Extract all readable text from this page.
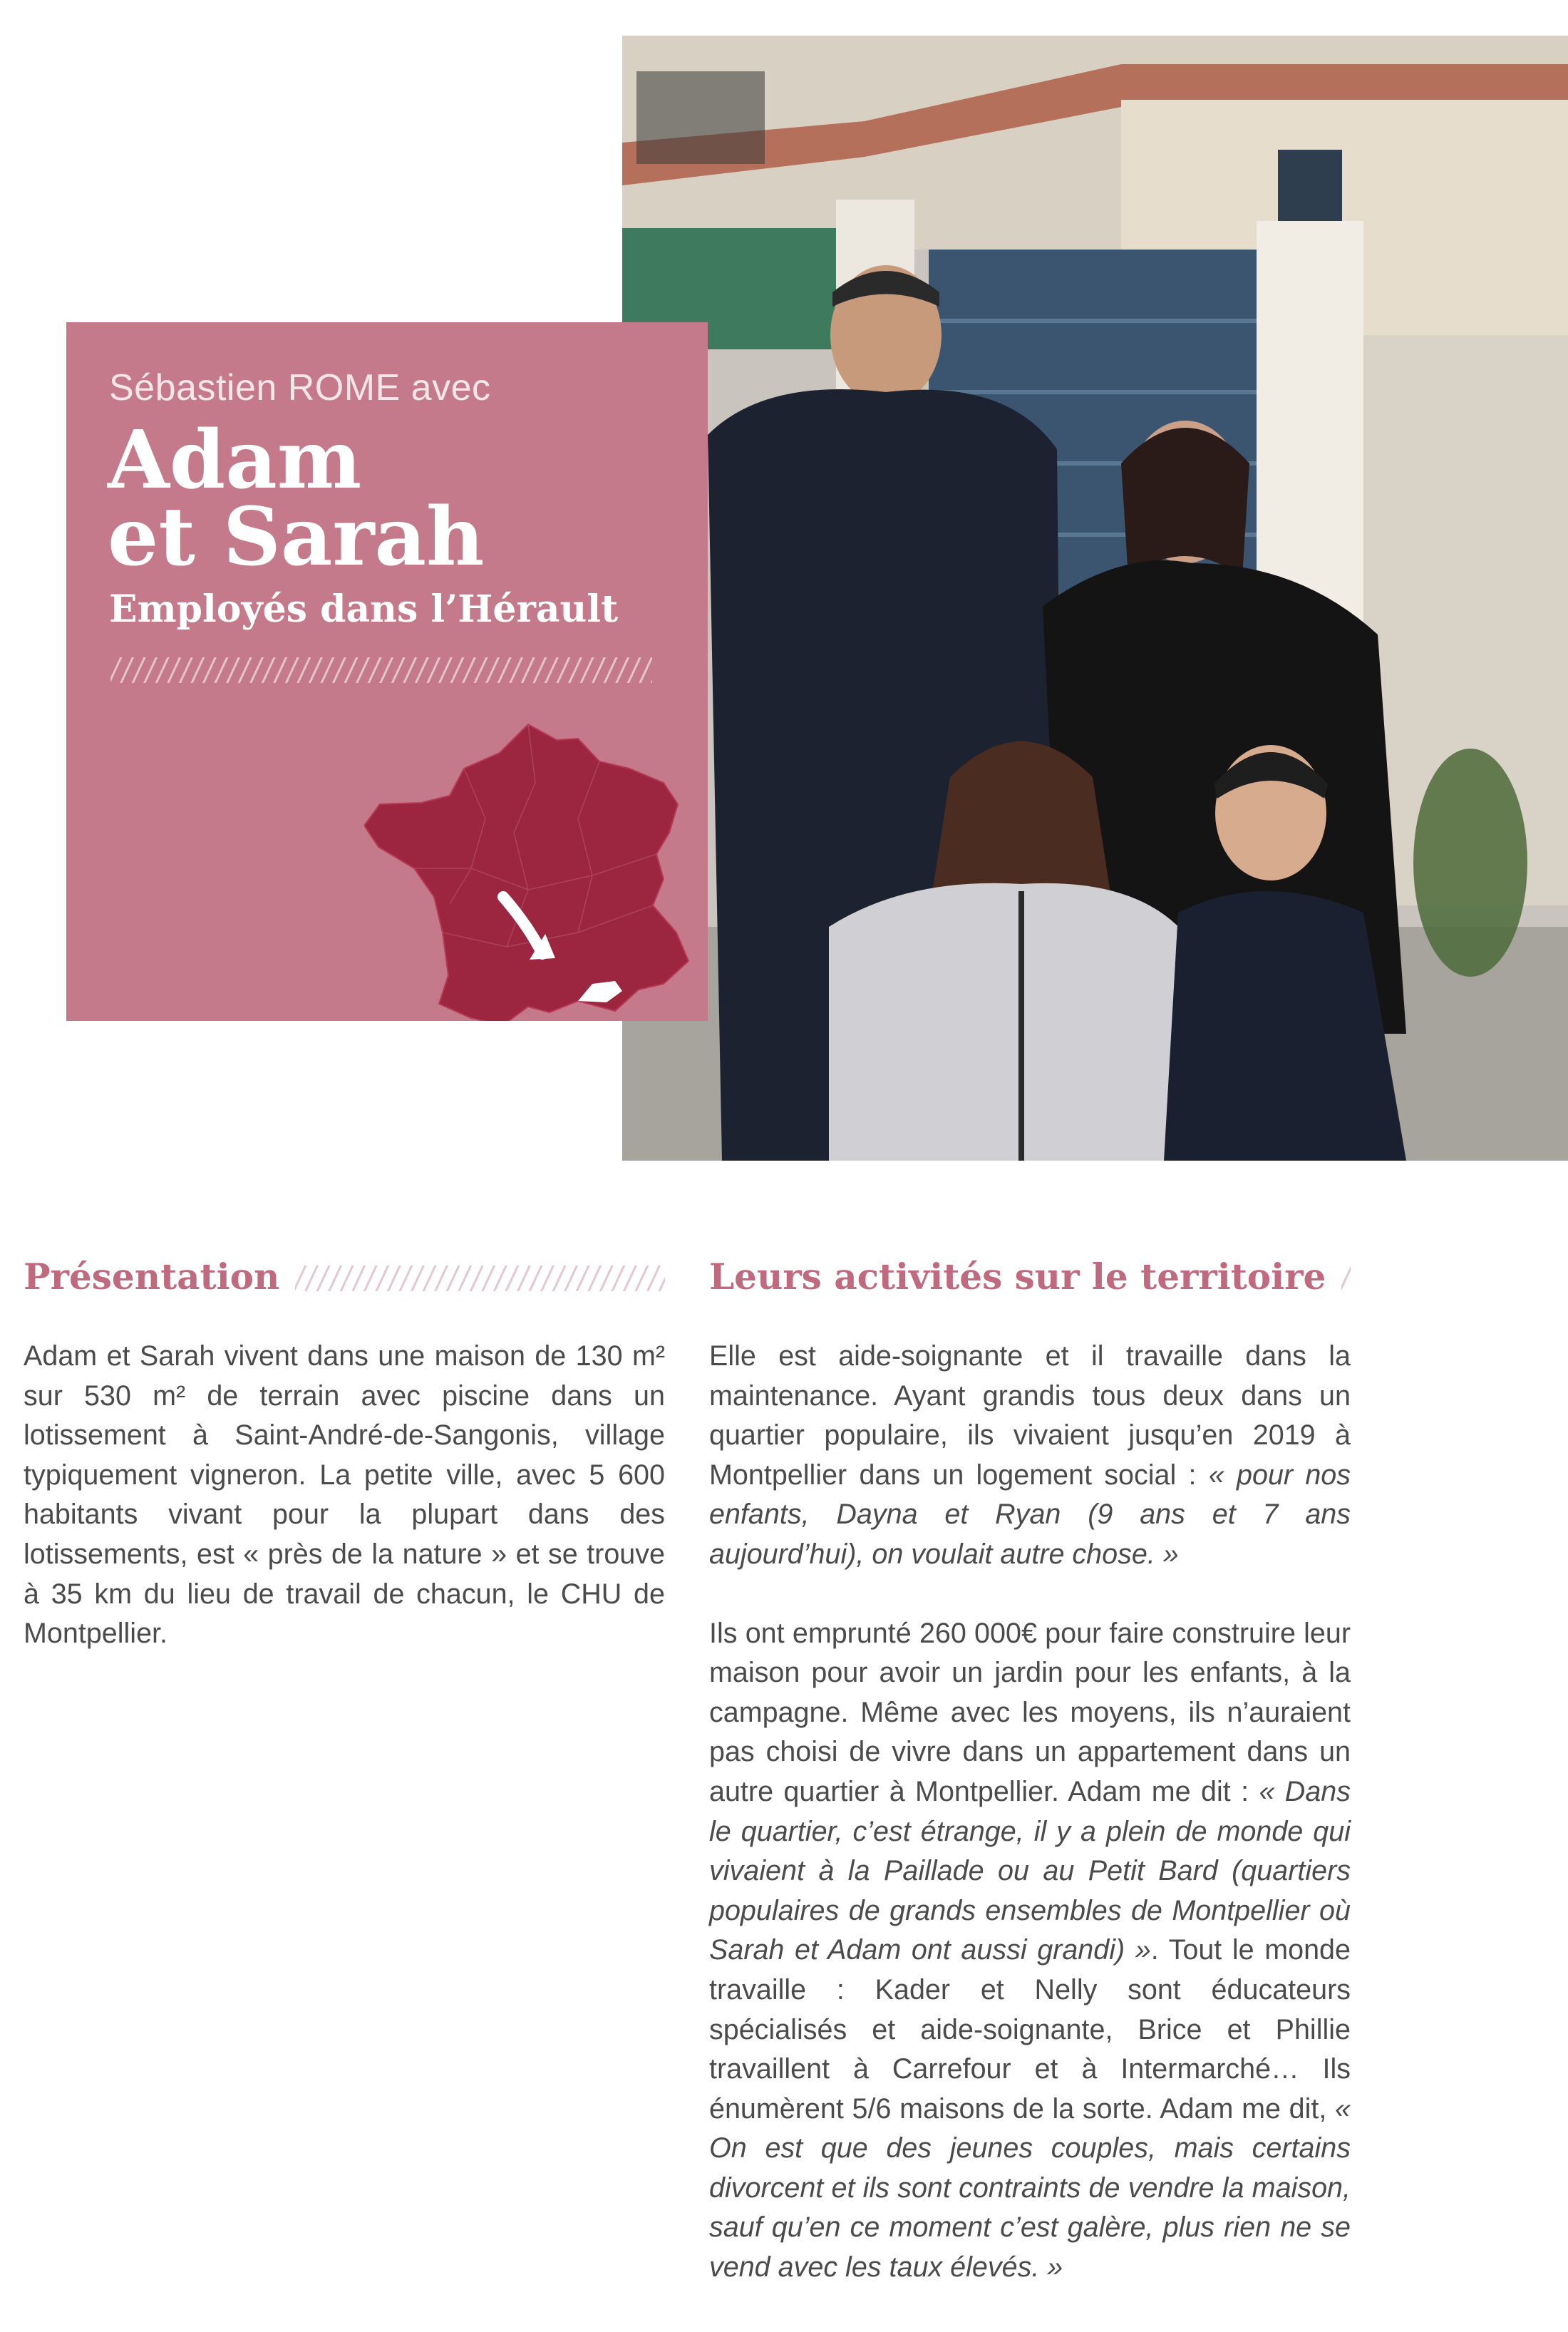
Sébastien ROME avec
Adam
et Sarah
Employés dans l’Hérault
Présentation	Leurs activités sur le territoire

Adam et Sarah vivent dans une maison de 130 m² sur 530 m² de terrain avec piscine dans un lotissement à Saint-André-de-Sangonis, village typiquement vigneron. La petite ville, avec 5 600 habitants vivant pour la plupart dans des lotissements, est « près de la nature » et se trouve à 35 km du lieu de travail de chacun, le CHU de Montpellier.

Elle est aide-soignante et il travaille dans la maintenance. Ayant grandis tous deux dans un quartier populaire, ils vivaient jusqu’en 2019 à Montpellier dans un logement social : « pour nos enfants, Dayna et Ryan (9 ans et 7 ans aujourd’hui), on voulait autre chose. »

Ils ont emprunté 260 000€ pour faire construire leur maison pour avoir un jardin pour les enfants, à la campagne. Même avec les moyens, ils n’auraient pas choisi de vivre dans un appartement dans un autre quartier à Montpellier. Adam me dit : « Dans le quartier, c’est étrange, il y a plein de monde qui vivaient à la Paillade ou au Petit Bard (quartiers populaires de grands ensembles de Montpellier où Sarah et Adam ont aussi grandi) ». Tout le monde travaille : Kader et Nelly sont éducateurs spécialisés et aide-soignante, Brice et Phillie travaillent à Carrefour et à Intermarché… Ils énumèrent 5/6 maisons de la sorte. Adam me dit, « On est que des jeunes couples, mais certains divorcent et ils sont contraints de vendre la maison, sauf qu’en ce moment c’est galère, plus rien ne se vend avec les taux élevés. »
